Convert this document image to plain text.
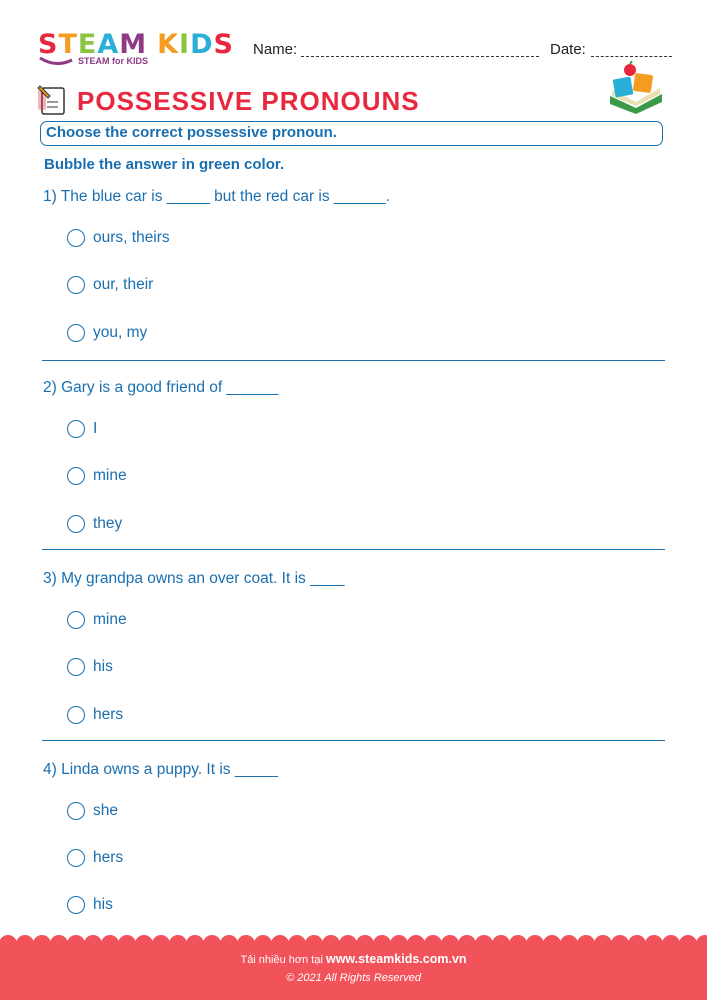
STEAM KIDS
STEAM for KIDS
Name:	Date:
POSSESSIVE PRONOUNS
Choose the correct possessive pronoun.
Bubble the answer in green color.
1) The blue car is _____ but the red car is ______.
ours, theirs
our, their
you, my
2) Gary is a good friend of ______
I
mine
they
3) My grandpa owns an over coat. It is ____
mine
his
hers
4) Linda owns a puppy. It is _____
she
hers
his
Tải nhiều hơn tại www.steamkids.com.vn
© 2021 All Rights Reserved
